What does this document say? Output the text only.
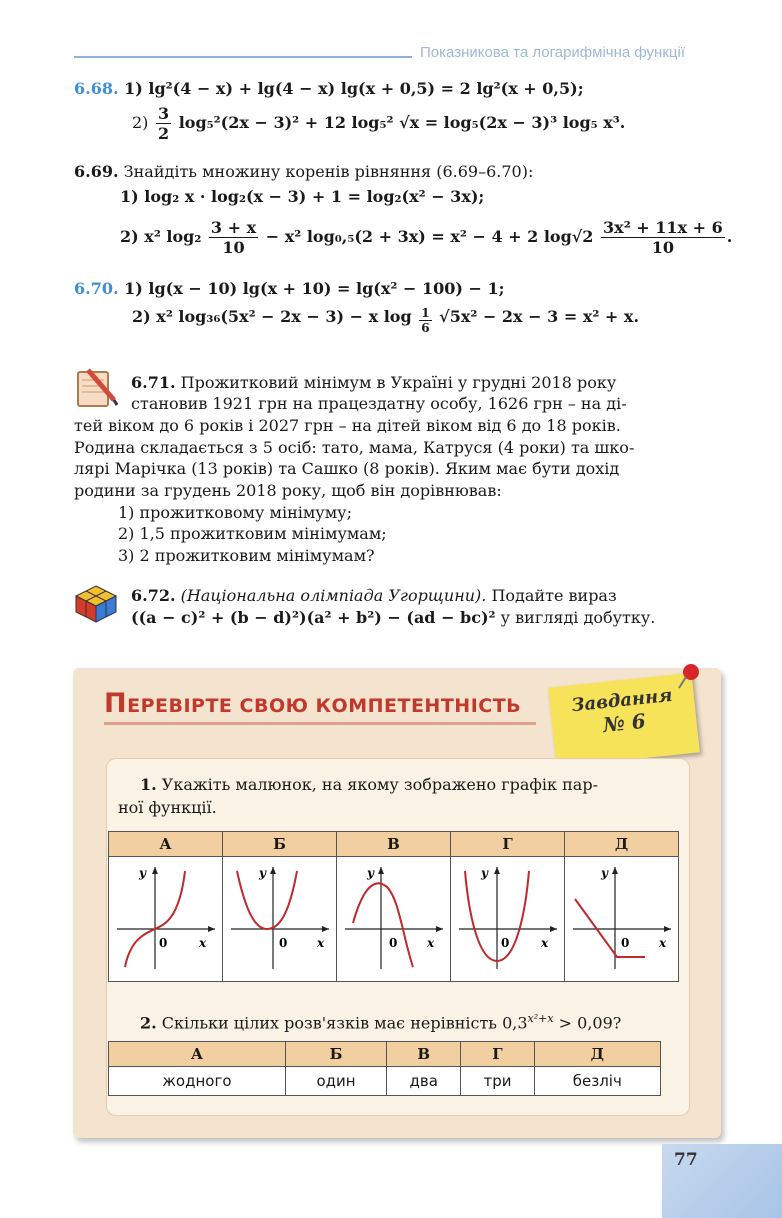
Показникова та логарифмічна функції
6.68. 1) lg²(4 − x) + lg(4 − x) lg(x + 0,5) = 2 lg²(x + 0,5);
$2) \frac{3}{2} \log_5^2(2x - 3)^2 + 12$ log₅² √x = log₅(2x − 3)³ log₅ x³.
6.69. Знайдіть множину коренів рівняння (6.69–6.70):
1) log₂ x · log₂(x − 3) + 1 = log₂(x² − 3x);
2) x² $\log_2 \frac{3 + x}{10} - x^2$ log₀,₅(2 + 3x) = x² − 4 + 2 $\log√2 \frac{\text{3x² + 11x + 6}}{10}$ .
6.70. 1) lg(x − 10) lg(x + 10) = lg(x² − 100) − 1;
2) x² log₃₆(5x² − 2x − 3) − x $\log \frac{1}{6} √5x^2 - 2x - 3 = x^2 + x$.
6.71. Прожитковий мінімум в Україні у грудні 2018 року
становив 1921 грн на працездатну особу, 1626 грн – на ді-
тей віком до 6 років і 2027 грн – на дітей віком від 6 до 18 років.
Родина складається з 5 осіб: тато, мама, Катруся (4 роки) та шко-
лярі Марічка (13 років) та Сашко (8 років). Яким має бути дохід
родини за грудень 2018 року, щоб він дорівнював:
1) прожитковому мінімуму;
2) 1,5 прожитковим мінімумам;
3) 2 прожитковим мінімумам?
6.72. (Національна олімпіада Угорщини). Подайте вираз
((a − c)² + (b − d)²)(a² + b²) − (ad − bc)² у вигляді добутку.
ПЕРЕВІРТЕ СВОЮ КОМПЕТЕНТНІСТЬ	Завдання
№ 6
1. Укажіть малюнок, на якому зображено графік пар-
ної функції.
А	Б	В	Г	Д

y
x
0	y
x
0	y
x
0	y
x
0	y
x
0
2. Скільки цілих розв'язків має нерівність $0,3^{x^2+x} > 0,09$?
А	Б	В	Г	Д
жодного	один	два	три	безліч
77
